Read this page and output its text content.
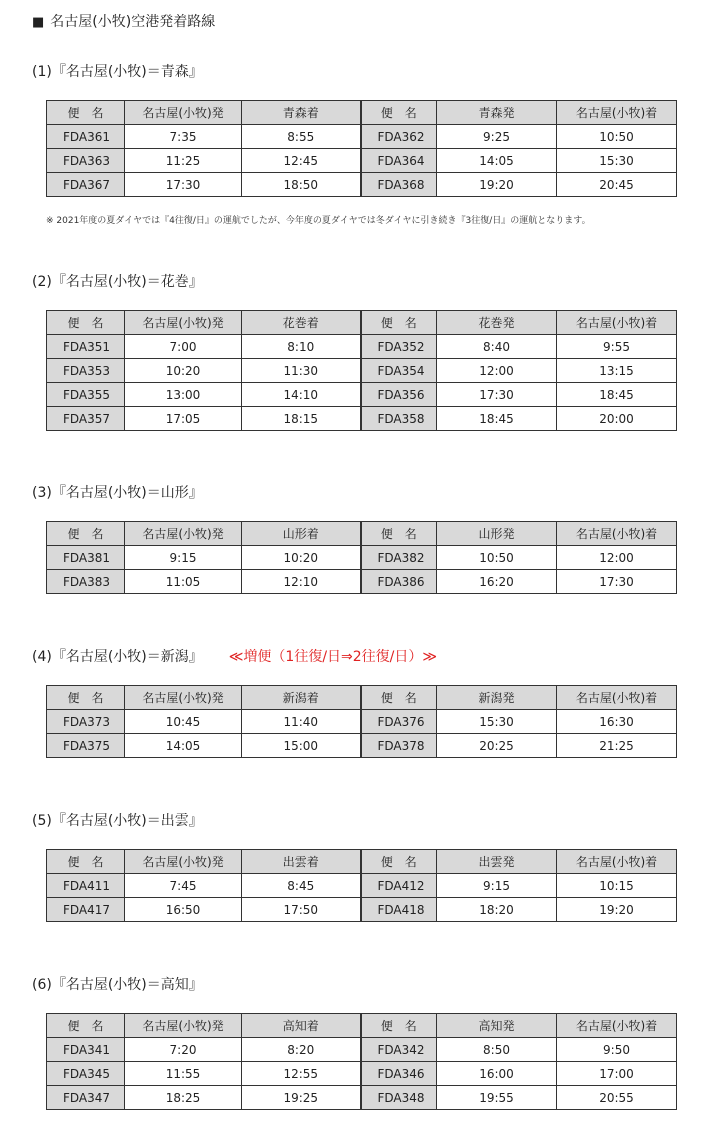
■ 名古屋(小牧)空港発着路線
(1)『名古屋(小牧)＝青森』
便　名	名古屋(小牧)発	青森着	便　名	青森発	名古屋(小牧)着
FDA361	7:35	8:55	FDA362	9:25	10:50
FDA363	11:25	12:45	FDA364	14:05	15:30
FDA367	17:30	18:50	FDA368	19:20	20:45
※ 2021年度の夏ダイヤでは『4往復/日』の運航でしたが、今年度の夏ダイヤでは冬ダイヤに引き続き『3往復/日』の運航となります。
(2)『名古屋(小牧)＝花巻』
便　名	名古屋(小牧)発	花巻着	便　名	花巻発	名古屋(小牧)着
FDA351	7:00	8:10	FDA352	8:40	9:55
FDA353	10:20	11:30	FDA354	12:00	13:15
FDA355	13:00	14:10	FDA356	17:30	18:45
FDA357	17:05	18:15	FDA358	18:45	20:00
(3)『名古屋(小牧)＝山形』
便　名	名古屋(小牧)発	山形着	便　名	山形発	名古屋(小牧)着
FDA381	9:15	10:20	FDA382	10:50	12:00
FDA383	11:05	12:10	FDA386	16:20	17:30
(4)『名古屋(小牧)＝新潟』 ≪増便（1往復/日⇒2往復/日）≫
便　名	名古屋(小牧)発	新潟着	便　名	新潟発	名古屋(小牧)着
FDA373	10:45	11:40	FDA376	15:30	16:30
FDA375	14:05	15:00	FDA378	20:25	21:25
(5)『名古屋(小牧)＝出雲』
便　名	名古屋(小牧)発	出雲着	便　名	出雲発	名古屋(小牧)着
FDA411	7:45	8:45	FDA412	9:15	10:15
FDA417	16:50	17:50	FDA418	18:20	19:20
(6)『名古屋(小牧)＝高知』
便　名	名古屋(小牧)発	高知着	便　名	高知発	名古屋(小牧)着
FDA341	7:20	8:20	FDA342	8:50	9:50
FDA345	11:55	12:55	FDA346	16:00	17:00
FDA347	18:25	19:25	FDA348	19:55	20:55
